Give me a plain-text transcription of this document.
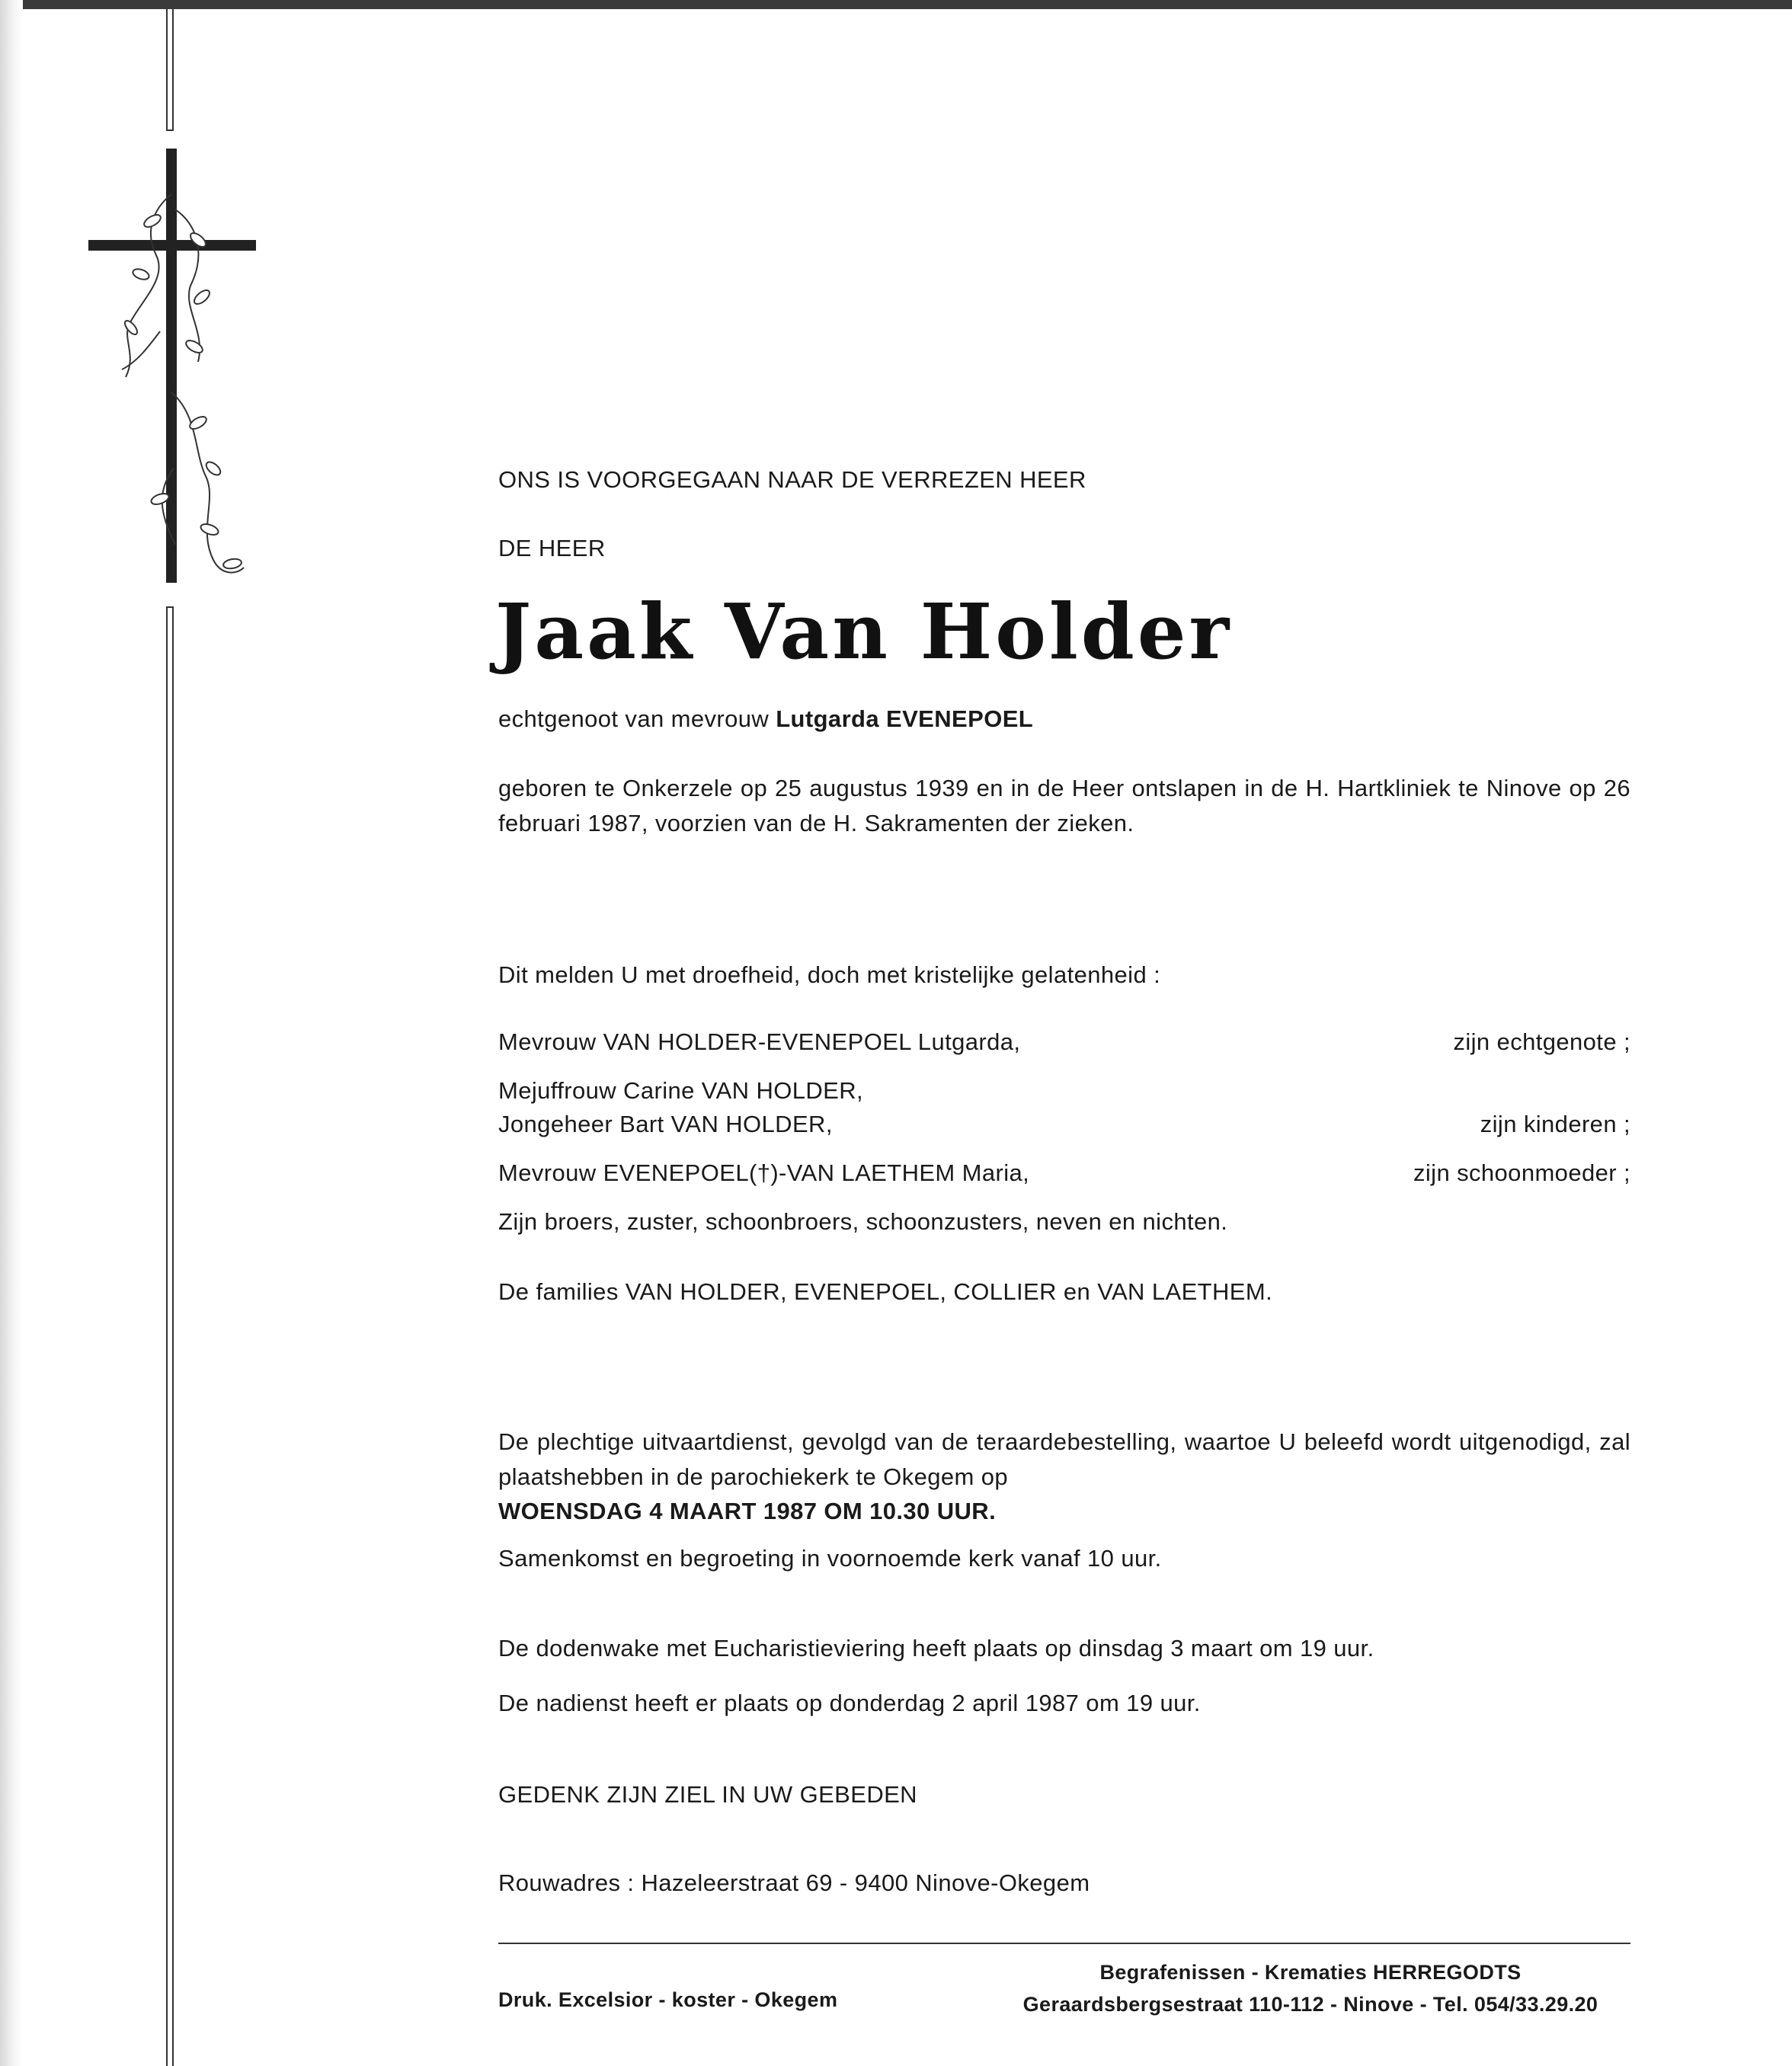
ONS IS VOORGEGAAN NAAR DE VERREZEN HEER
DE HEER
Jaak Van Holder
echtgenoot van mevrouw Lutgarda EVENEPOEL
geboren te Onkerzele op 25 augustus 1939 en in de Heer ontslapen in de H. Hartkliniek te Ninove op 26 februari 1987, voorzien van de H. Sakramenten der zieken.
Dit melden U met droefheid, doch met kristelijke gelatenheid :
Mevrouw VAN HOLDER-EVENEPOEL Lutgarda,	zijn echtgenote ;
Mejuffrouw Carine VAN HOLDER,
Jongeheer Bart VAN HOLDER,	zijn kinderen ;
Mevrouw EVENEPOEL(†)-VAN LAETHEM Maria,	zijn schoonmoeder ;
Zijn broers, zuster, schoonbroers, schoonzusters, neven en nichten.
De families VAN HOLDER, EVENEPOEL, COLLIER en VAN LAETHEM.
De plechtige uitvaartdienst, gevolgd van de teraardebestelling, waartoe U beleefd wordt uitgenodigd, zal plaatshebben in de parochiekerk te Okegem op
WOENSDAG 4 MAART 1987 OM 10.30 UUR.
Samenkomst en begroeting in voornoemde kerk vanaf 10 uur.
De dodenwake met Eucharistieviering heeft plaats op dinsdag 3 maart om 19 uur.
De nadienst heeft er plaats op donderdag 2 april 1987 om 19 uur.
GEDENK ZIJN ZIEL IN UW GEBEDEN
Rouwadres : Hazeleerstraat 69 - 9400 Ninove-Okegem
Druk. Excelsior - koster - Okegem
Begrafenissen - Krematies HERREGODTS
Geraardsbergsestraat 110-112 - Ninove - Tel. 054/33.29.20
